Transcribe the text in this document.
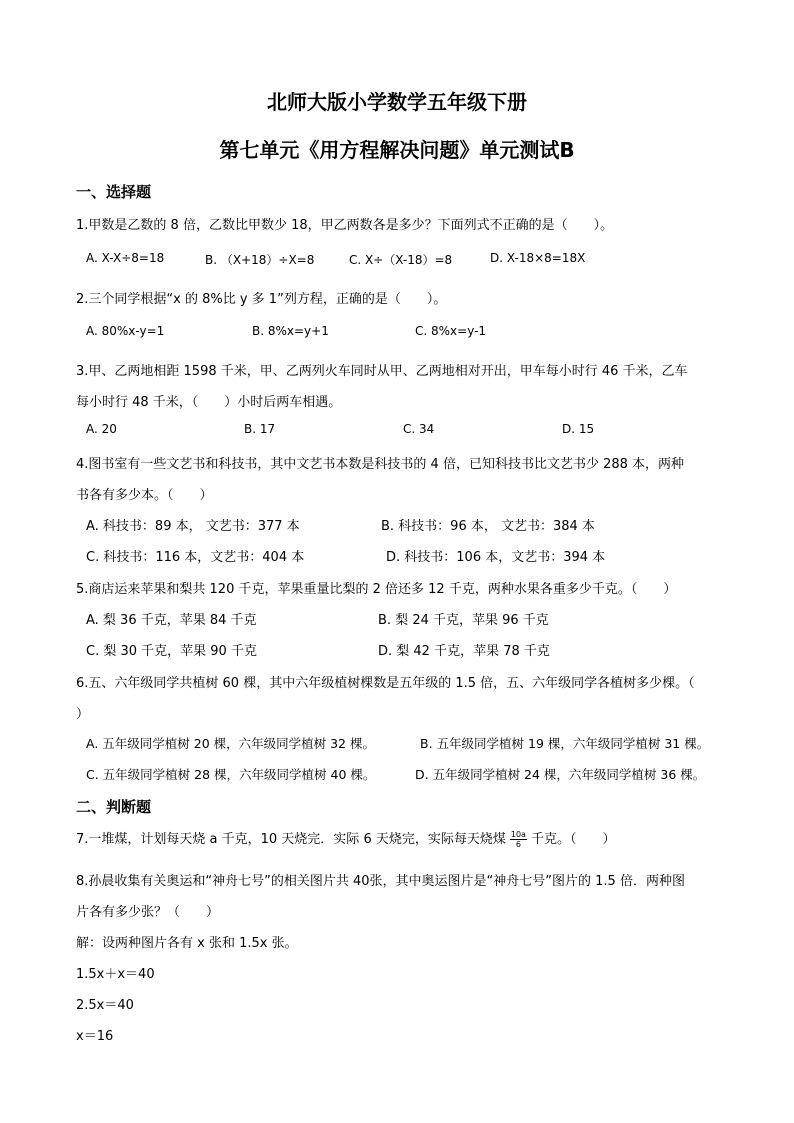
北师大版小学数学五年级下册
第七单元《用方程解决问题》单元测试B
一、选择题
1.甲数是乙数的 8 倍，乙数比甲数少 18，甲乙两数各是多少？下面列式不正确的是（　　）。
A. X-X÷8=18	B. （X+18）÷X=8	C. X÷（X-18）=8	D. X-18×8=18X
2.三个同学根据“x 的 8%比 y 多 1”列方程，正确的是（　　）。
A. 80%x-y=1	B. 8%x=y+1	C. 8%x=y-1
3.甲、乙两地相距 1598 千米，甲、乙两列火车同时从甲、乙两地相对开出，甲车每小时行 46 千米，乙车
每小时行 48 千米，（　　）小时后两车相遇。
A. 20	B. 17	C. 34	D. 15
4.图书室有一些文艺书和科技书，其中文艺书本数是科技书的 4 倍，已知科技书比文艺书少 288 本，两种
书各有多少本。（　　）
A. 科技书：89 本， 文艺书：377 本	B. 科技书：96 本， 文艺书：384 本
C. 科技书：116 本，文艺书：404 本	D. 科技书：106 本，文艺书：394 本
5.商店运来苹果和梨共 120 千克，苹果重量比梨的 2 倍还多 12 千克，两种水果各重多少千克。（　　）
A. 梨 36 千克，苹果 84 千克	B. 梨 24 千克，苹果 96 千克
C. 梨 30 千克，苹果 90 千克	D. 梨 42 千克，苹果 78 千克
6.五、六年级同学共植树 60 棵，其中六年级植树棵数是五年级的 1.5 倍，五、六年级同学各植树多少棵。（
）
A. 五年级同学植树 20 棵，六年级同学植树 32 棵。	B. 五年级同学植树 19 棵，六年级同学植树 31 棵。
C. 五年级同学植树 28 棵，六年级同学植树 40 棵。	D. 五年级同学植树 24 棵，六年级同学植树 36 棵。
二、判断题
7.一堆煤，计划每天烧 a 千克，10 天烧完．实际 6 天烧完，实际每天烧煤 $\frac{10a}{6}$ 千克。（　　）
8.孙晨收集有关奥运和“神舟七号”的相关图片共 40张，其中奥运图片是“神舟七号”图片的 1.5 倍．两种图
片各有多少张？（　　）
解：设两种图片各有 x 张和 1.5x 张。
1.5x＋x＝40
2.5x＝40
x＝16
